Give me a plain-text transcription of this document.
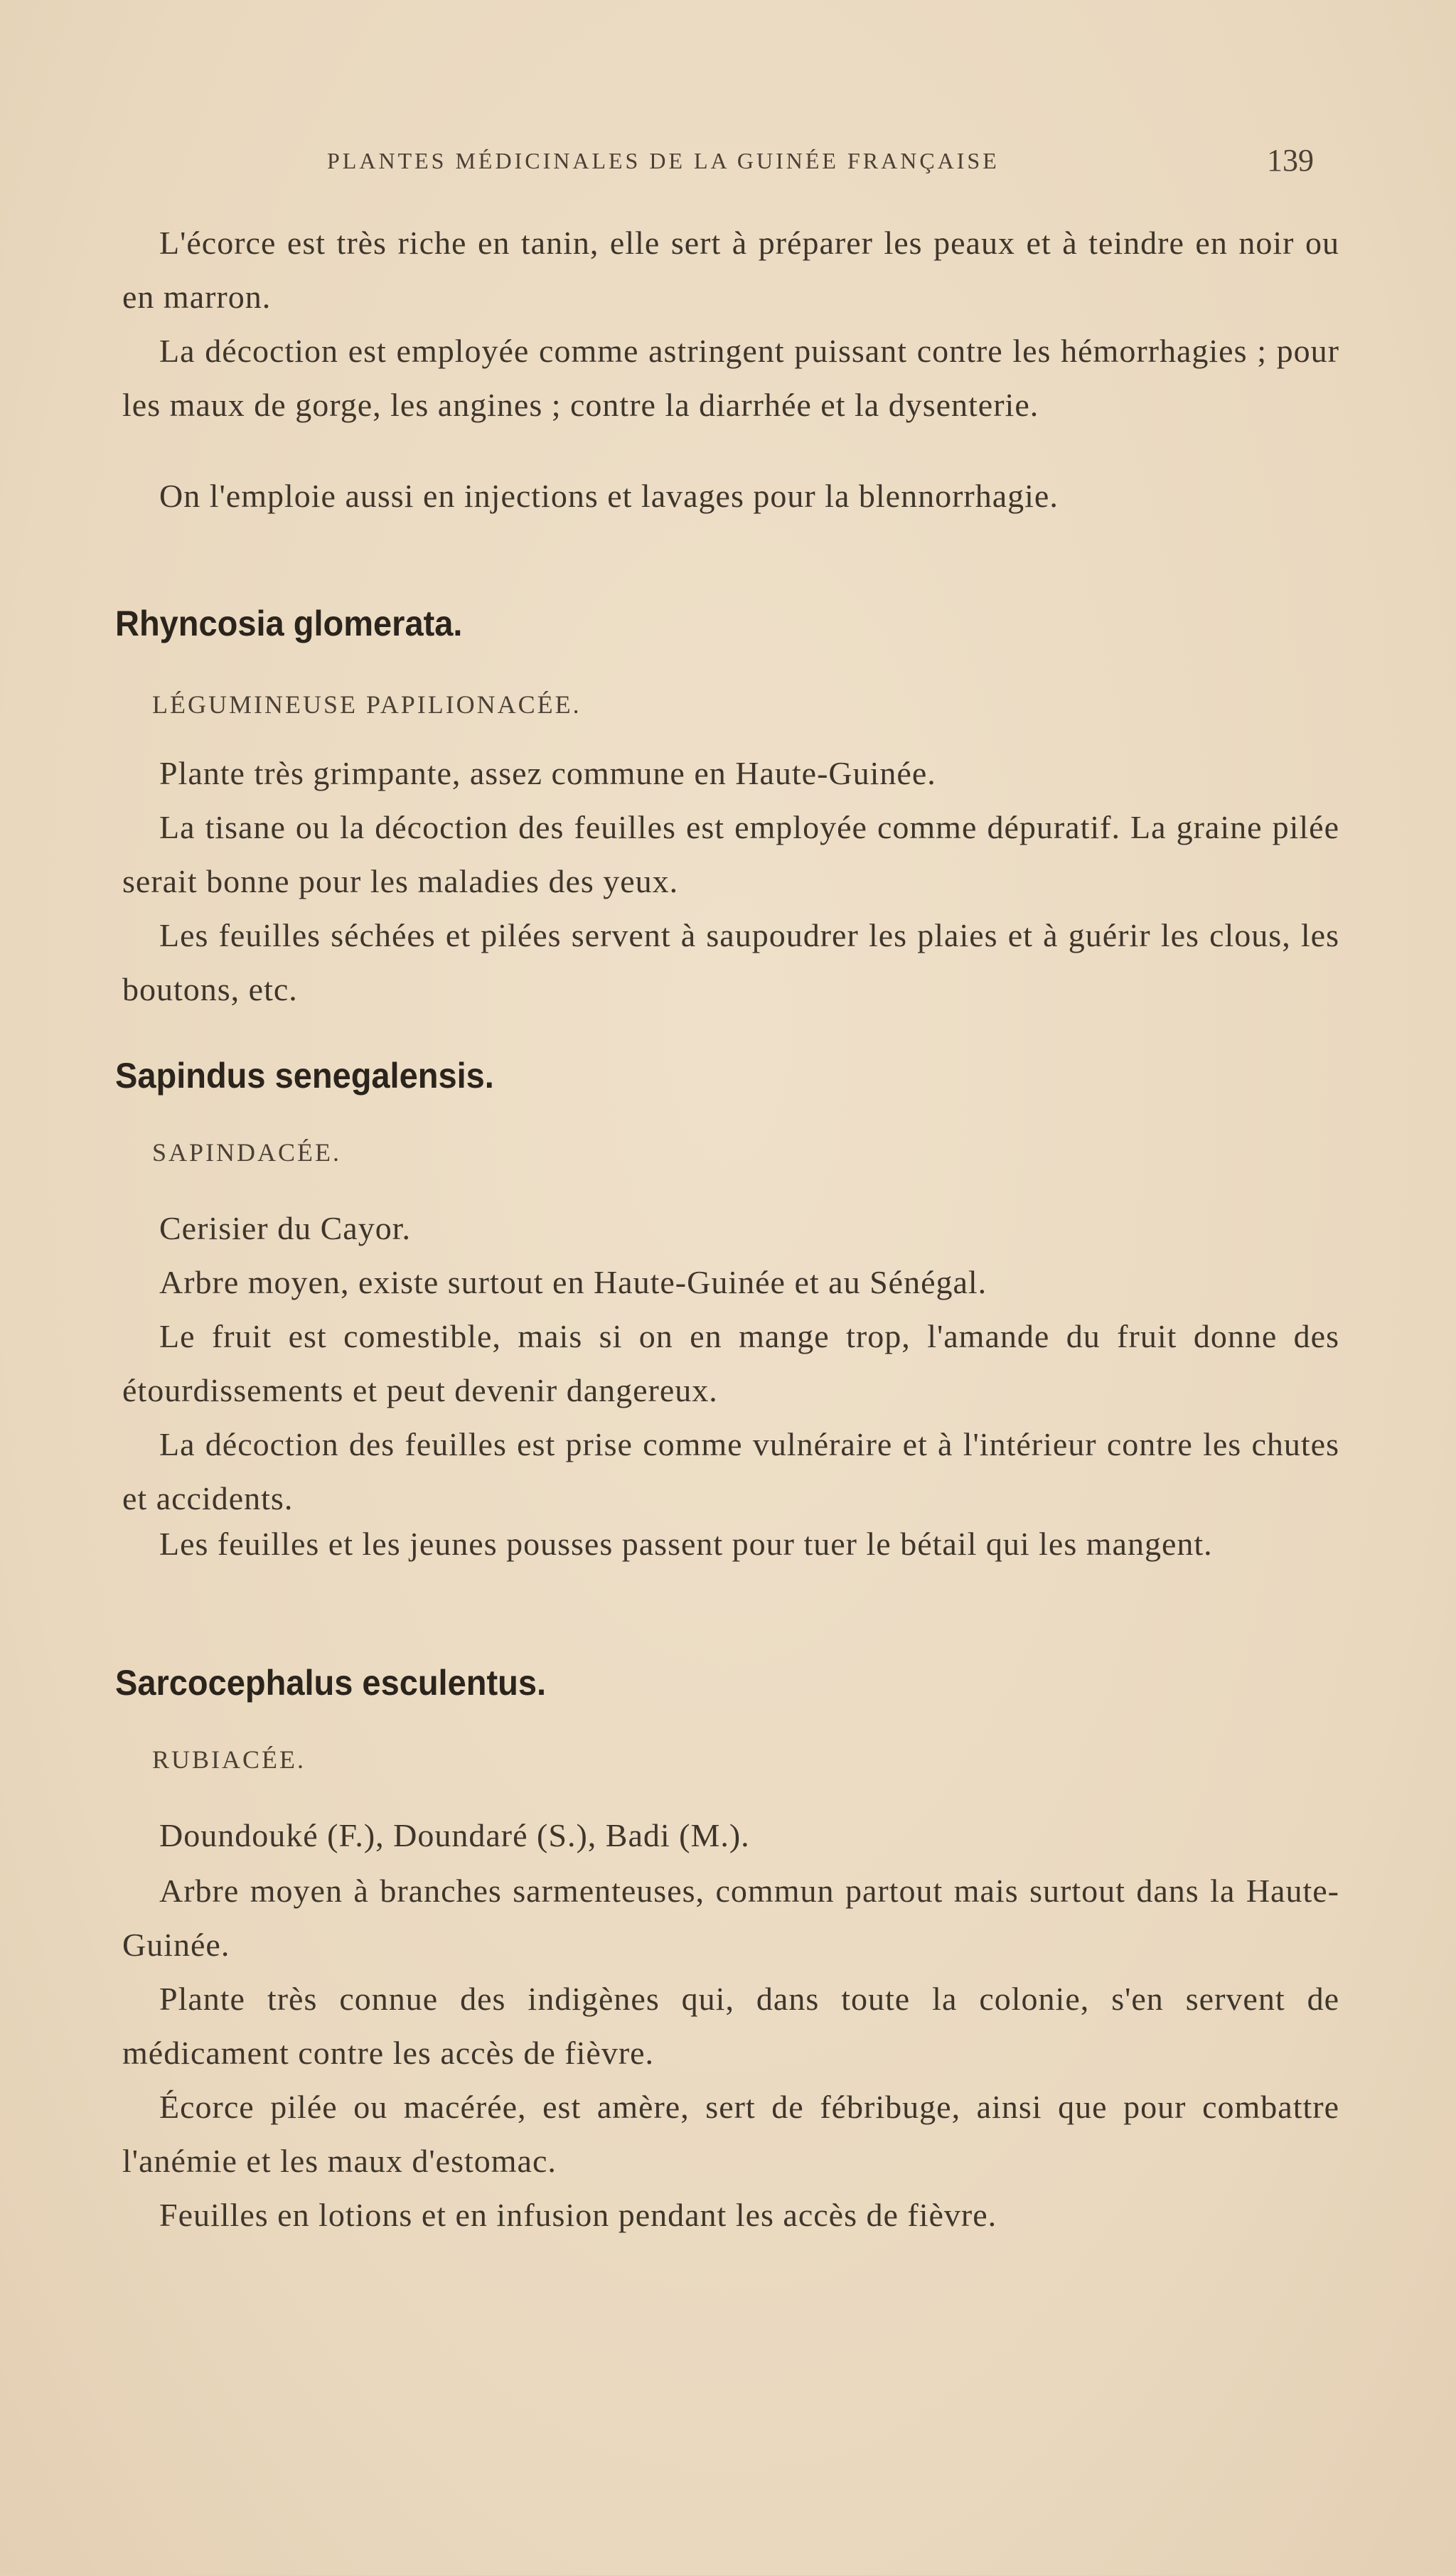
PLANTES MÉDICINALES DE LA GUINÉE FRANÇAISE	139
L'écorce est très riche en tanin, elle sert à préparer les peaux et à teindre en noir ou en marron.
La décoction est employée comme astringent puissant contre les hémorrhagies ; pour les maux de gorge, les angines ; contre la diarrhée et la dysenterie.
On l'emploie aussi en injections et lavages pour la blennorrhagie.
Rhyncosia glomerata.
LÉGUMINEUSE PAPILIONACÉE.
Plante très grimpante, assez commune en Haute-Guinée.
La tisane ou la décoction des feuilles est employée comme dépuratif. La graine pilée serait bonne pour les maladies des yeux.
Les feuilles séchées et pilées servent à saupoudrer les plaies et à guérir les clous, les boutons, etc.
Sapindus senegalensis.
SAPINDACÉE.
Cerisier du Cayor.
Arbre moyen, existe surtout en Haute-Guinée et au Sénégal.
Le fruit est comestible, mais si on en mange trop, l'amande du fruit donne des étourdissements et peut devenir dangereux.
La décoction des feuilles est prise comme vulnéraire et à l'intérieur contre les chutes et accidents.
Les feuilles et les jeunes pousses passent pour tuer le bétail qui les mangent.
Sarcocephalus esculentus.
RUBIACÉE.
Doundouké (F.), Doundaré (S.), Badi (M.).
Arbre moyen à branches sarmenteuses, commun partout mais surtout dans la Haute-Guinée.
Plante très connue des indigènes qui, dans toute la colonie, s'en servent de médicament contre les accès de fièvre.
Écorce pilée ou macérée, est amère, sert de fébribuge, ainsi que pour combattre l'anémie et les maux d'estomac.
Feuilles en lotions et en infusion pendant les accès de fièvre.
